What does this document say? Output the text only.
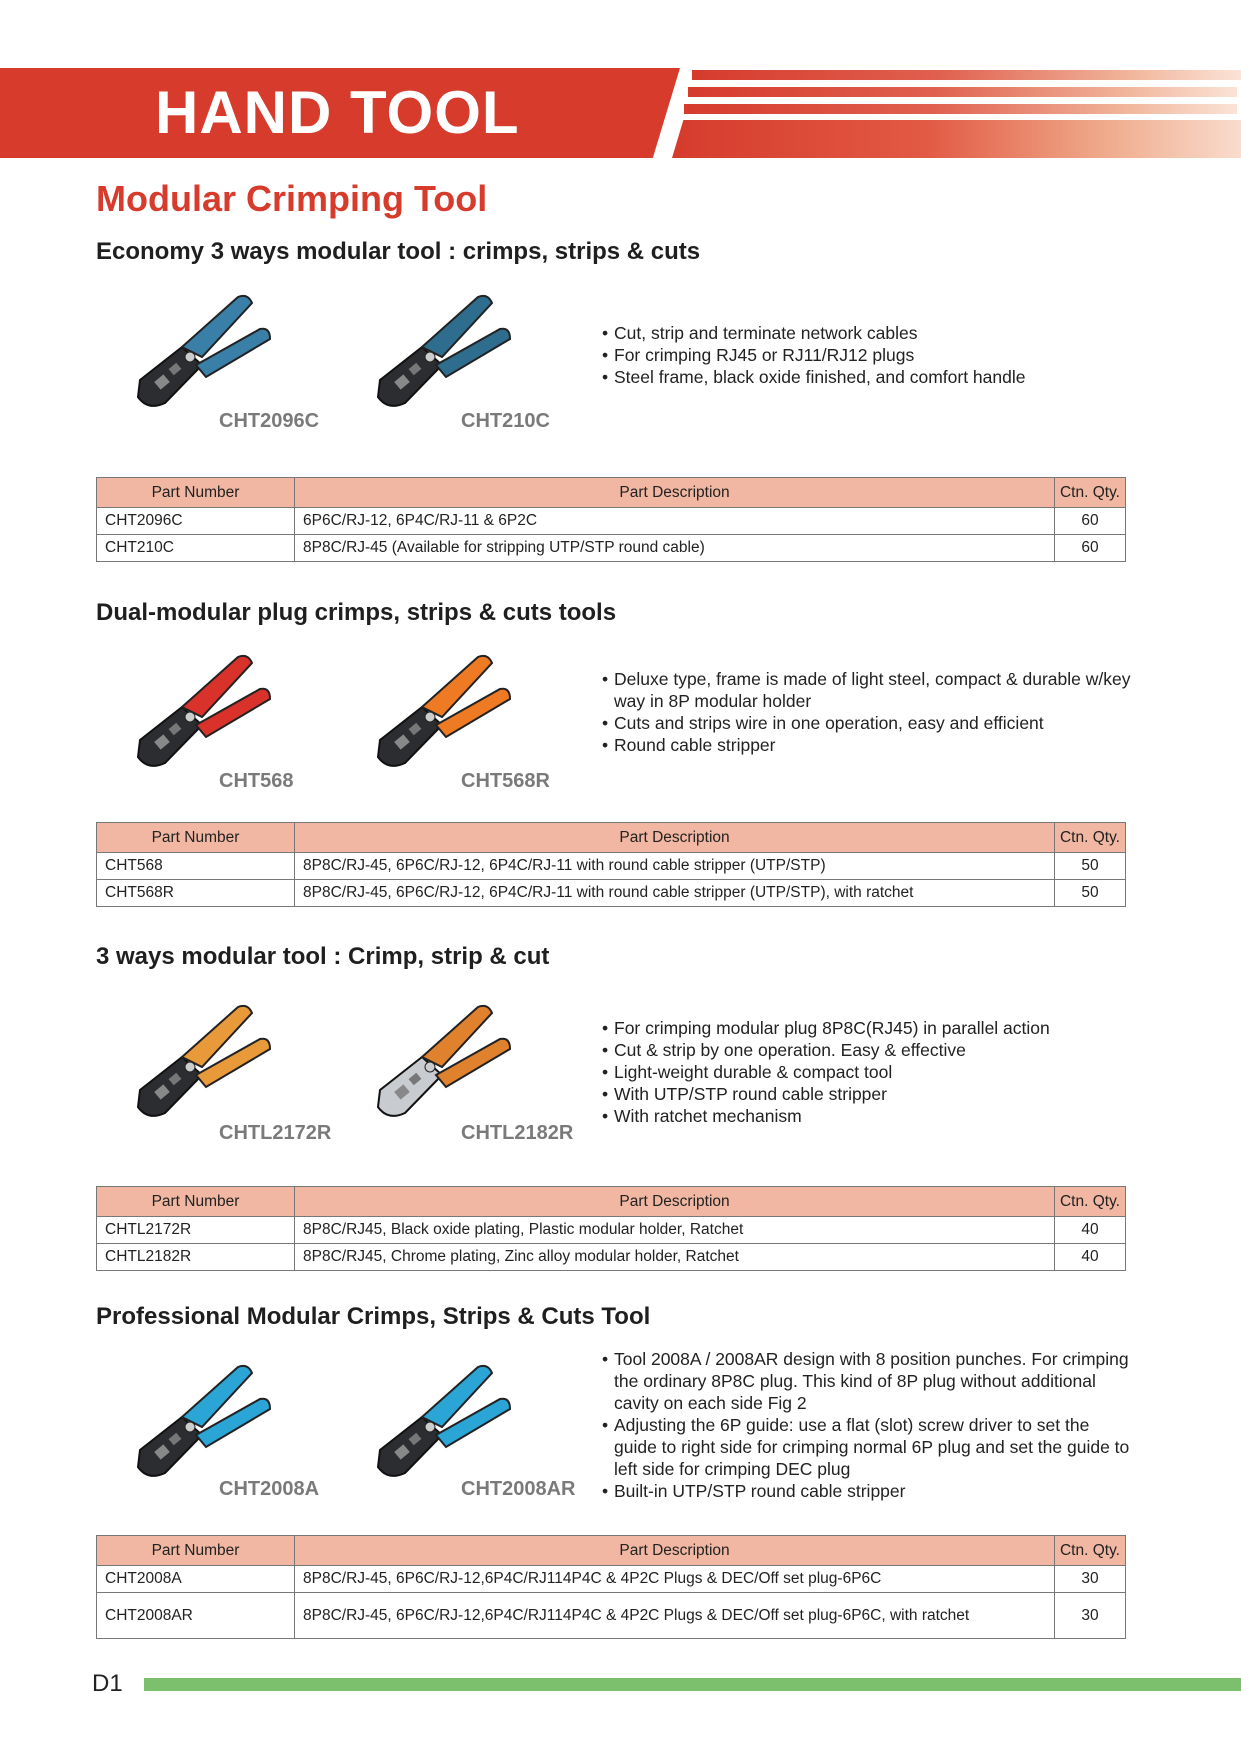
HAND TOOL
Modular Crimping Tool
Economy 3 ways modular tool : crimps, strips & cuts
CHT2096C	CHT210C
• Cut, strip and terminate network cables
• For crimping RJ45 or RJ11/RJ12 plugs
• Steel frame, black oxide finished, and comfort handle
Part Number	Part Description	Ctn. Qty.
CHT2096C	6P6C/RJ-12, 6P4C/RJ-11 & 6P2C	60
CHT210C	8P8C/RJ-45 (Available for stripping UTP/STP round cable)	60
Dual-modular plug crimps, strips & cuts tools
CHT568	CHT568R
• Deluxe type, frame is made of light steel, compact & durable w/key way in 8P modular holder
• Cuts and strips wire in one operation, easy and efficient
• Round cable stripper
Part Number	Part Description	Ctn. Qty.
CHT568	8P8C/RJ-45, 6P6C/RJ-12, 6P4C/RJ-11 with round cable stripper (UTP/STP)	50
CHT568R	8P8C/RJ-45, 6P6C/RJ-12, 6P4C/RJ-11 with round cable stripper (UTP/STP), with ratchet	50
3 ways modular tool : Crimp, strip & cut
CHTL2172R	CHTL2182R
• For crimping modular plug 8P8C(RJ45) in parallel action
• Cut & strip by one operation. Easy & effective
• Light-weight durable & compact tool
• With UTP/STP round cable stripper
• With ratchet mechanism
Part Number	Part Description	Ctn. Qty.
CHTL2172R	8P8C/RJ45, Black oxide plating, Plastic modular holder, Ratchet	40
CHTL2182R	8P8C/RJ45, Chrome plating, Zinc alloy modular holder, Ratchet	40
Professional Modular Crimps, Strips & Cuts Tool
CHT2008A	CHT2008AR
• Tool 2008A / 2008AR design with 8 position punches. For crimping the ordinary 8P8C plug. This kind of 8P plug without additional cavity on each side Fig 2
• Adjusting the 6P guide: use a flat (slot) screw driver to set the guide to right side for crimping normal 6P plug and set the guide to left side for crimping DEC plug
• Built-in UTP/STP round cable stripper
Part Number	Part Description	Ctn. Qty.
CHT2008A	8P8C/RJ-45, 6P6C/RJ-12,6P4C/RJ114P4C & 4P2C Plugs & DEC/Off set plug-6P6C	30
CHT2008AR	8P8C/RJ-45, 6P6C/RJ-12,6P4C/RJ114P4C & 4P2C Plugs & DEC/Off set plug-6P6C, with ratchet	30
D1
